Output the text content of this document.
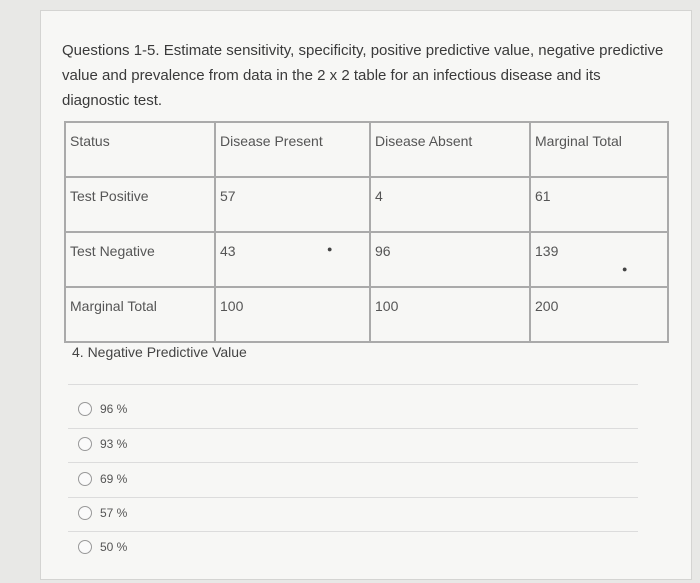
Questions 1-5. Estimate sensitivity, specificity, positive predictive value, negative predictive value and prevalence from data in the 2 x 2 table for an infectious disease and its diagnostic test.
Status	Disease Present	Disease Absent	Marginal Total
Test Positive	57	4	61
Test Negative	43	96	139
Marginal Total	100	100	200
●
●
4. Negative Predictive Value
96 %
93 %
69 %
57 %
50 %
